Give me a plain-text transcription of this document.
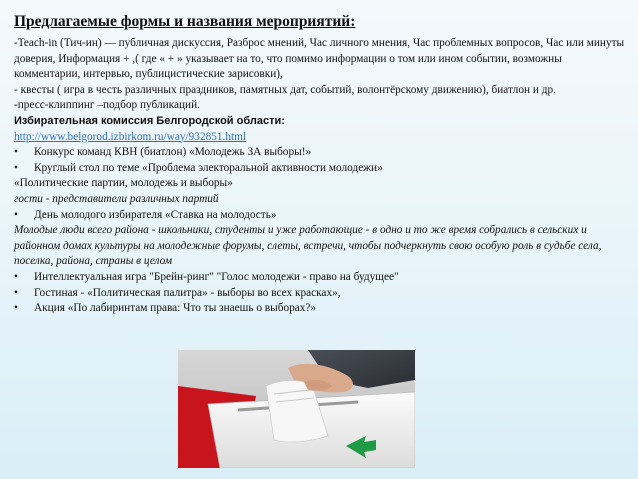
Предлагаемые формы и названия мероприятий:

-Teach-in (Тич-ин) — публичная дискуссия, Разброс мнений, Час личного мнения, Час проблемных вопросов, Час или минуты доверия, Информация + ,( где « + » указывает на то, что помимо информации о том или ином событии, возможны комментарии, интервью, публицистические зарисовки),

- квесты ( игра в честь различных праздников, памятных дат, событий, волонтёрскому движению), биатлон и др.

-пресс-клиппинг –подбор публикаций.

Избирательная комиссия Белгородской области:

http://www.belgorod.izbirkom.ru/way/932851.html

•	Конкурс команд КВН (биатлон) «Молодежь ЗА выборы!»
•	Круглый стол по теме «Проблема электоральной активности молодежи»

«Политические партии, молодежь и выборы»

гости - представители различных партий

•	День молодого избирателя «Ставка на молодость»

Молодые люди всего района - школьники, студенты и уже работающие - в одно и то же время собрались в сельских и районном домах культуры на молодежные форумы, слеты, встречи, чтобы подчеркнуть свою особую роль в судьбе села, поселка, района, страны в целом

•	Интеллектуальная игра "Брейн-ринг" "Голос молодежи - право на будущее"
•	Гостиная - «Политическая палитра» - выборы во всех красках»,
•	Акция «По лабиринтам права: Что ты знаешь о выборах?»
